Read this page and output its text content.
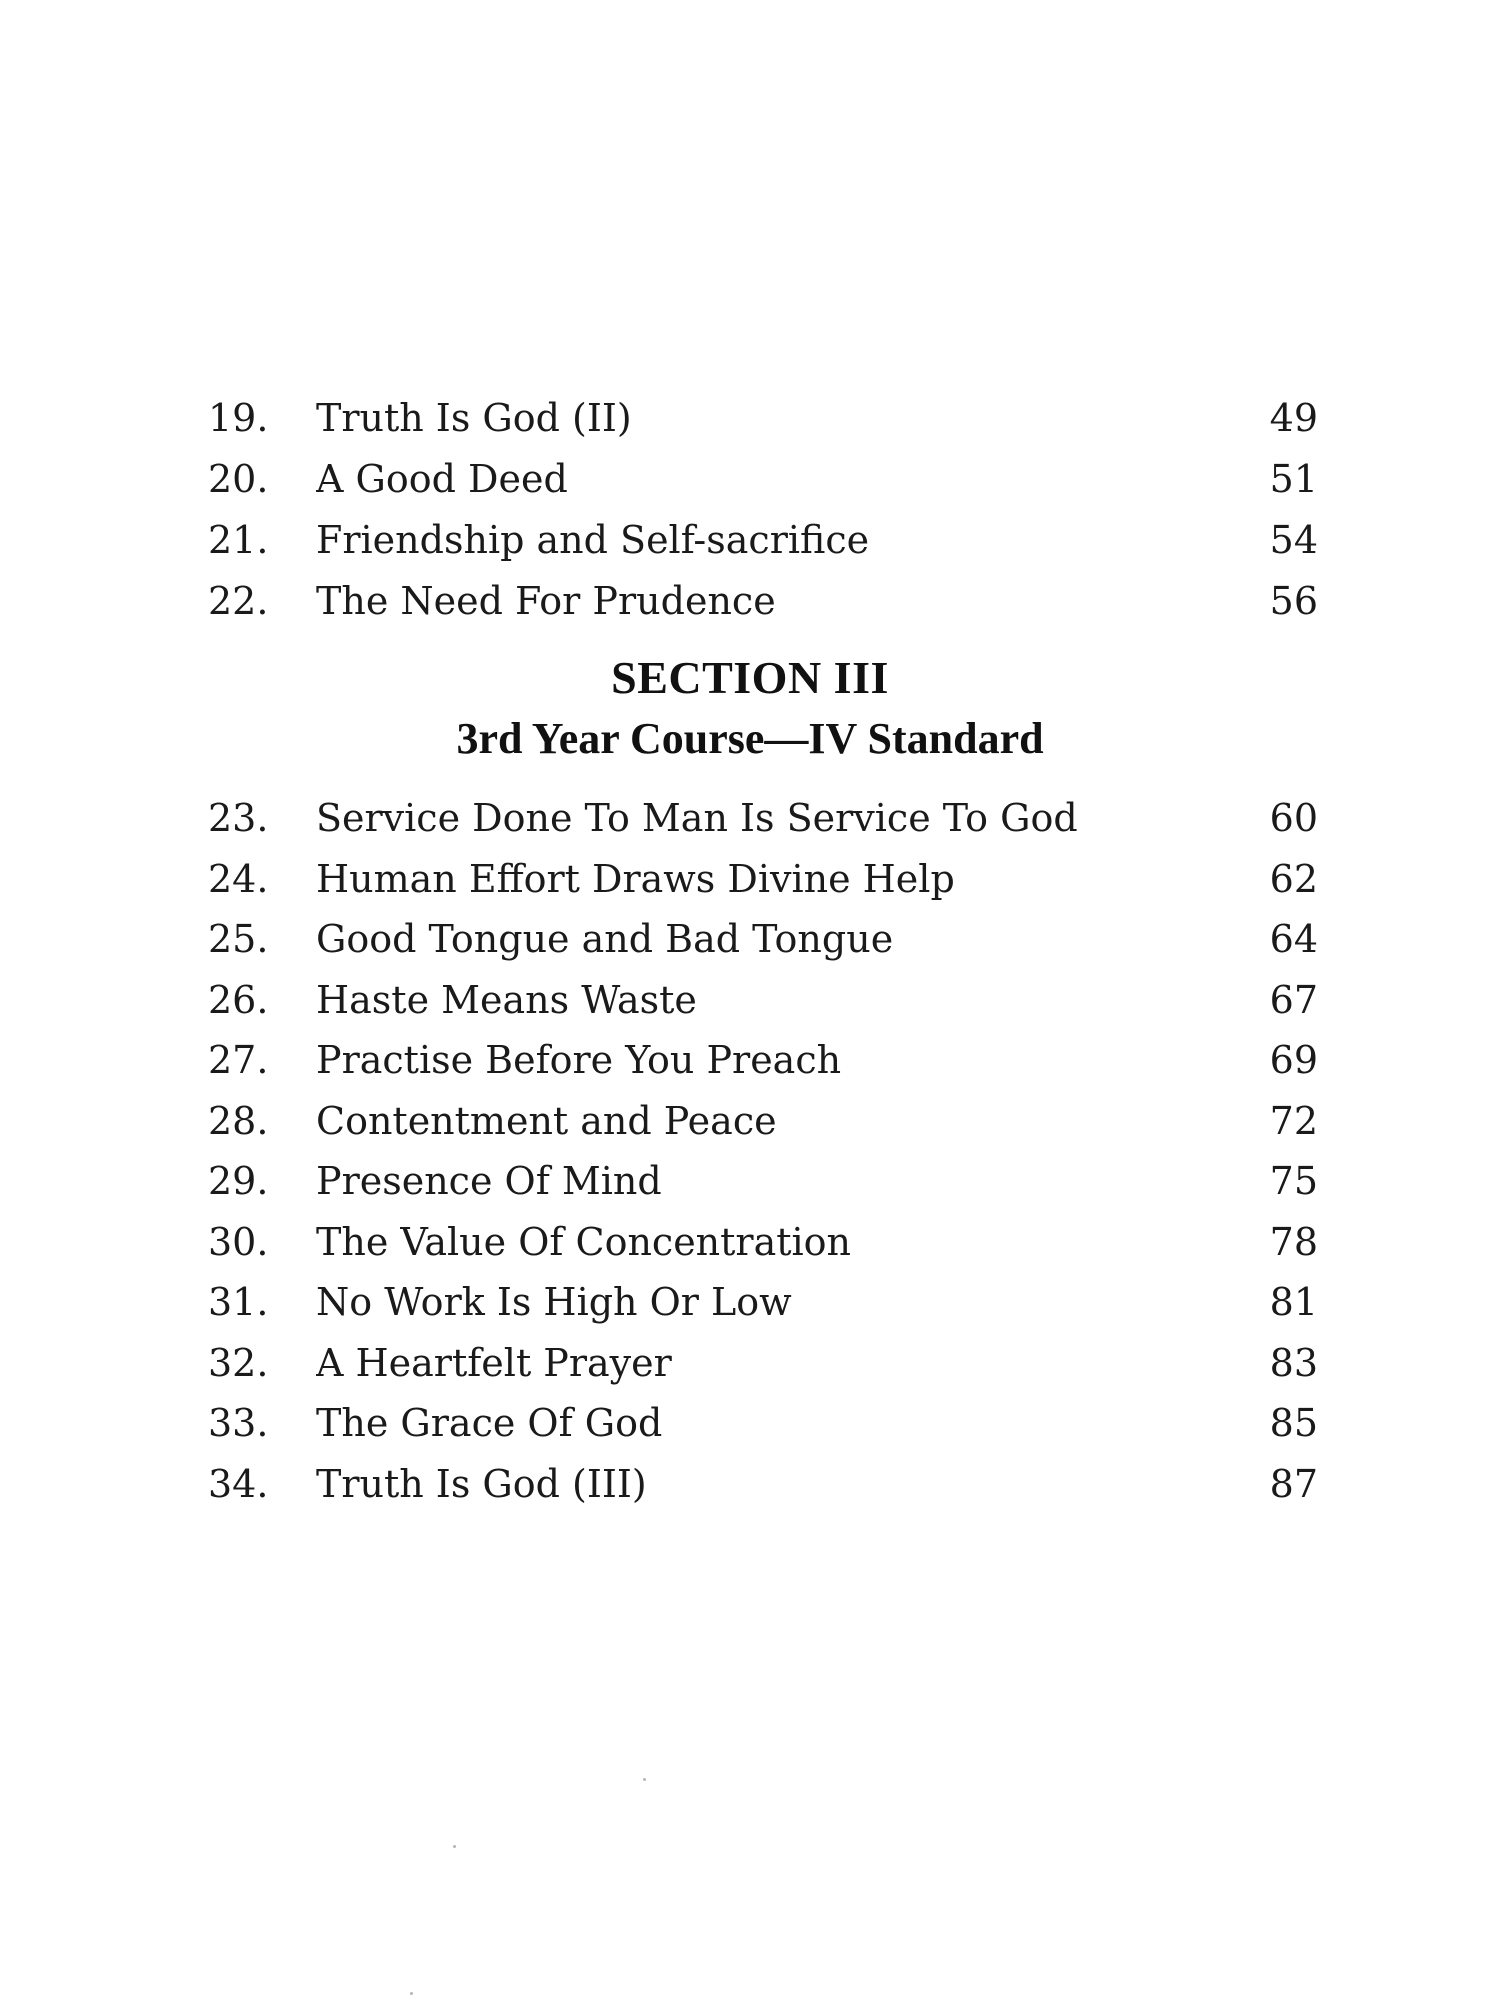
19.	Truth Is God (II)	49
20.	A Good Deed	51
21.	Friendship and Self-sacrifice	54
22.	The Need For Prudence	56
SECTION III
3rd Year Course—IV Standard
23.	Service Done To Man Is Service To God	60
24.	Human Effort Draws Divine Help	62
25.	Good Tongue and Bad Tongue	64
26.	Haste Means Waste	67
27.	Practise Before You Preach	69
28.	Contentment and Peace	72
29.	Presence Of Mind	75
30.	The Value Of Concentration	78
31.	No Work Is High Or Low	81
32.	A Heartfelt Prayer	83
33.	The Grace Of God	85
34.	Truth Is God (III)	87
